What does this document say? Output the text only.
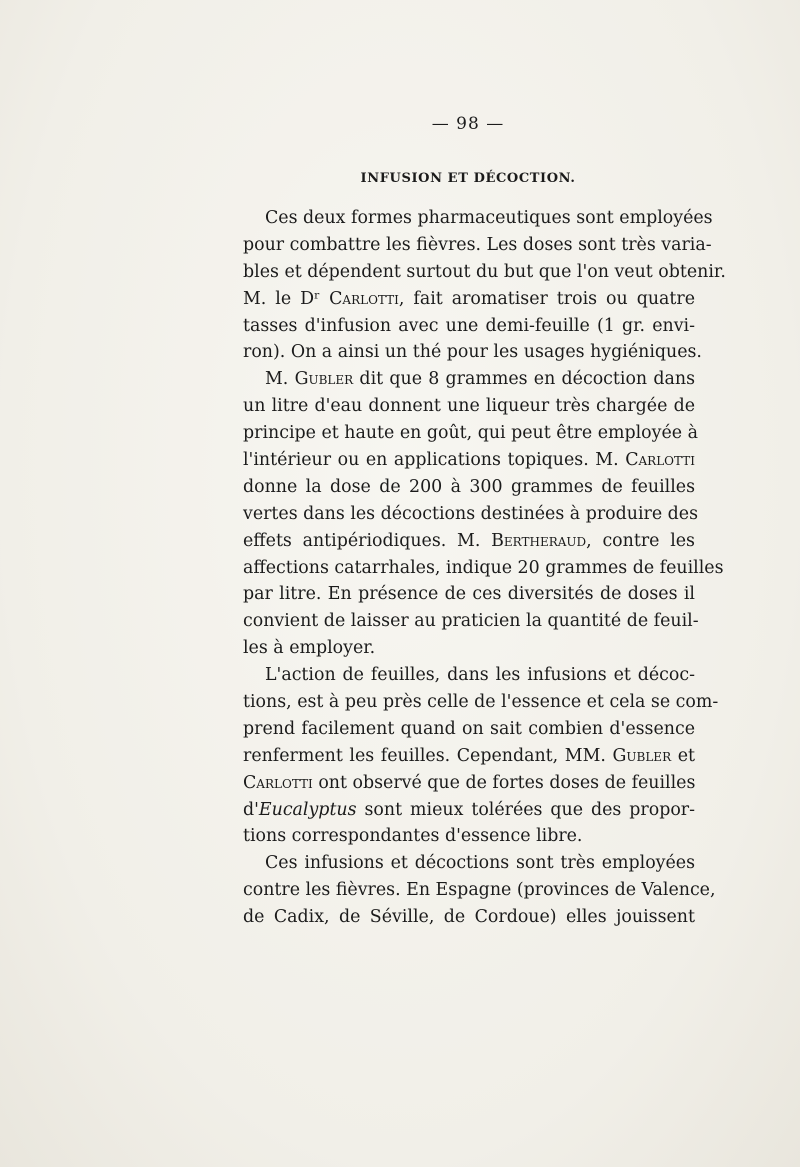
— 98 —
INFUSION ET DÉCOCTION.
Ces deux formes pharmaceutiques sont employées
pour combattre les fièvres. Les doses sont très varia-
bles et dépendent surtout du but que l'on veut obtenir.
M. le Dʳ Carlotti, fait aromatiser trois ou quatre
tasses d'infusion avec une demi-feuille (1 gr. envi-
ron). On a ainsi un thé pour les usages hygiéniques.
M. Gubler dit que 8 grammes en décoction dans
un litre d'eau donnent une liqueur très chargée de
principe et haute en goût, qui peut être employée à
l'intérieur ou en applications topiques. M. Carlotti
donne la dose de 200 à 300 grammes de feuilles
vertes dans les décoctions destinées à produire des
effets antipériodiques. M. Bertheraud, contre les
affections catarrhales, indique 20 grammes de feuilles
par litre. En présence de ces diversités de doses il
convient de laisser au praticien la quantité de feuil-
les à employer.
L'action de feuilles, dans les infusions et décoc-
tions, est à peu près celle de l'essence et cela se com-
prend facilement quand on sait combien d'essence
renferment les feuilles. Cependant, MM. Gubler et
Carlotti ont observé que de fortes doses de feuilles
d'Eucalyptus sont mieux tolérées que des propor-
tions correspondantes d'essence libre.
Ces infusions et décoctions sont très employées
contre les fièvres. En Espagne (provinces de Valence,
de Cadix, de Séville, de Cordoue) elles jouissent
